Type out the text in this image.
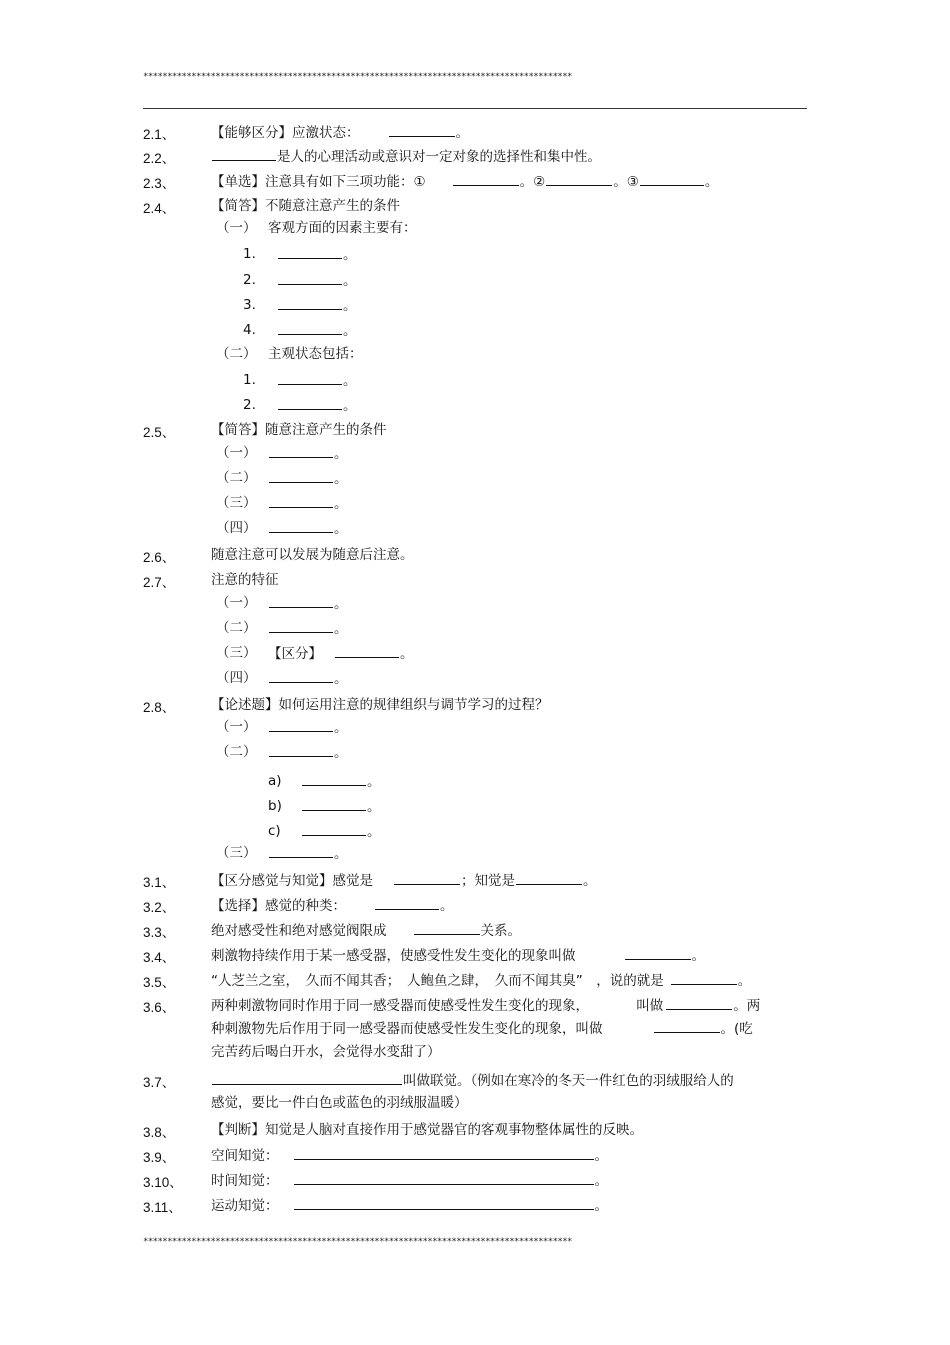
*****************************************************************************************
2.1、	【能够区分】应激状态：	。
2.2、	是人的心理活动或意识对一定对象的选择性和集中性。
2.3、	【单选】注意具有如下三项功能：①	。②	。③	。
2.4、	【简答】不随意注意产生的条件
（一） 客观方面的因素主要有：
1.	。
2.	。
3.	。
4.	。
（二） 主观状态包括：
1.	。
2.	。
2.5、	【简答】随意注意产生的条件
（一）	。
（二）	。
（三）	。
（四）	。
2.6、	随意注意可以发展为随意后注意。
2.7、	注意的特征
（一）	。
（二）	。
（三） 【区分】	。
（四）	。
2.8、	【论述题】如何运用注意的规律组织与调节学习的过程？
（一）	。
（二）	。
a)	。
b)	。
c)	。
（三）	。
3.1、	【区分感觉与知觉】感觉是	；知觉是	。
3.2、	【选择】感觉的种类：	。
3.3、	绝对感受性和绝对感觉阀限成	关系。
3.4、	刺激物持续作用于某一感受器，使感受性发生变化的现象叫做	。
3.5、	“人芝兰之室，　久而不闻其香；　人鲍鱼之肆，　久而不闻其臭”　，说的就是	。
3.6、	两种刺激物同时作用于同一感受器而使感受性发生变化的现象，　　　　叫做	。两
种刺激物先后作用于同一感受器而使感受性发生变化的现象，叫做	。(吃
完苦药后喝白开水，会觉得水变甜了）
3.7、	叫做联觉。（例如在寒冷的冬天一件红色的羽绒服给人的
感觉，要比一件白色或蓝色的羽绒服温暖）
3.8、	【判断】知觉是人脑对直接作用于感觉器官的客观事物整体属性的反映。
3.9、	空间知觉：	。
3.10、 时间知觉：	。
3.11、 运动知觉：	。
*****************************************************************************************
